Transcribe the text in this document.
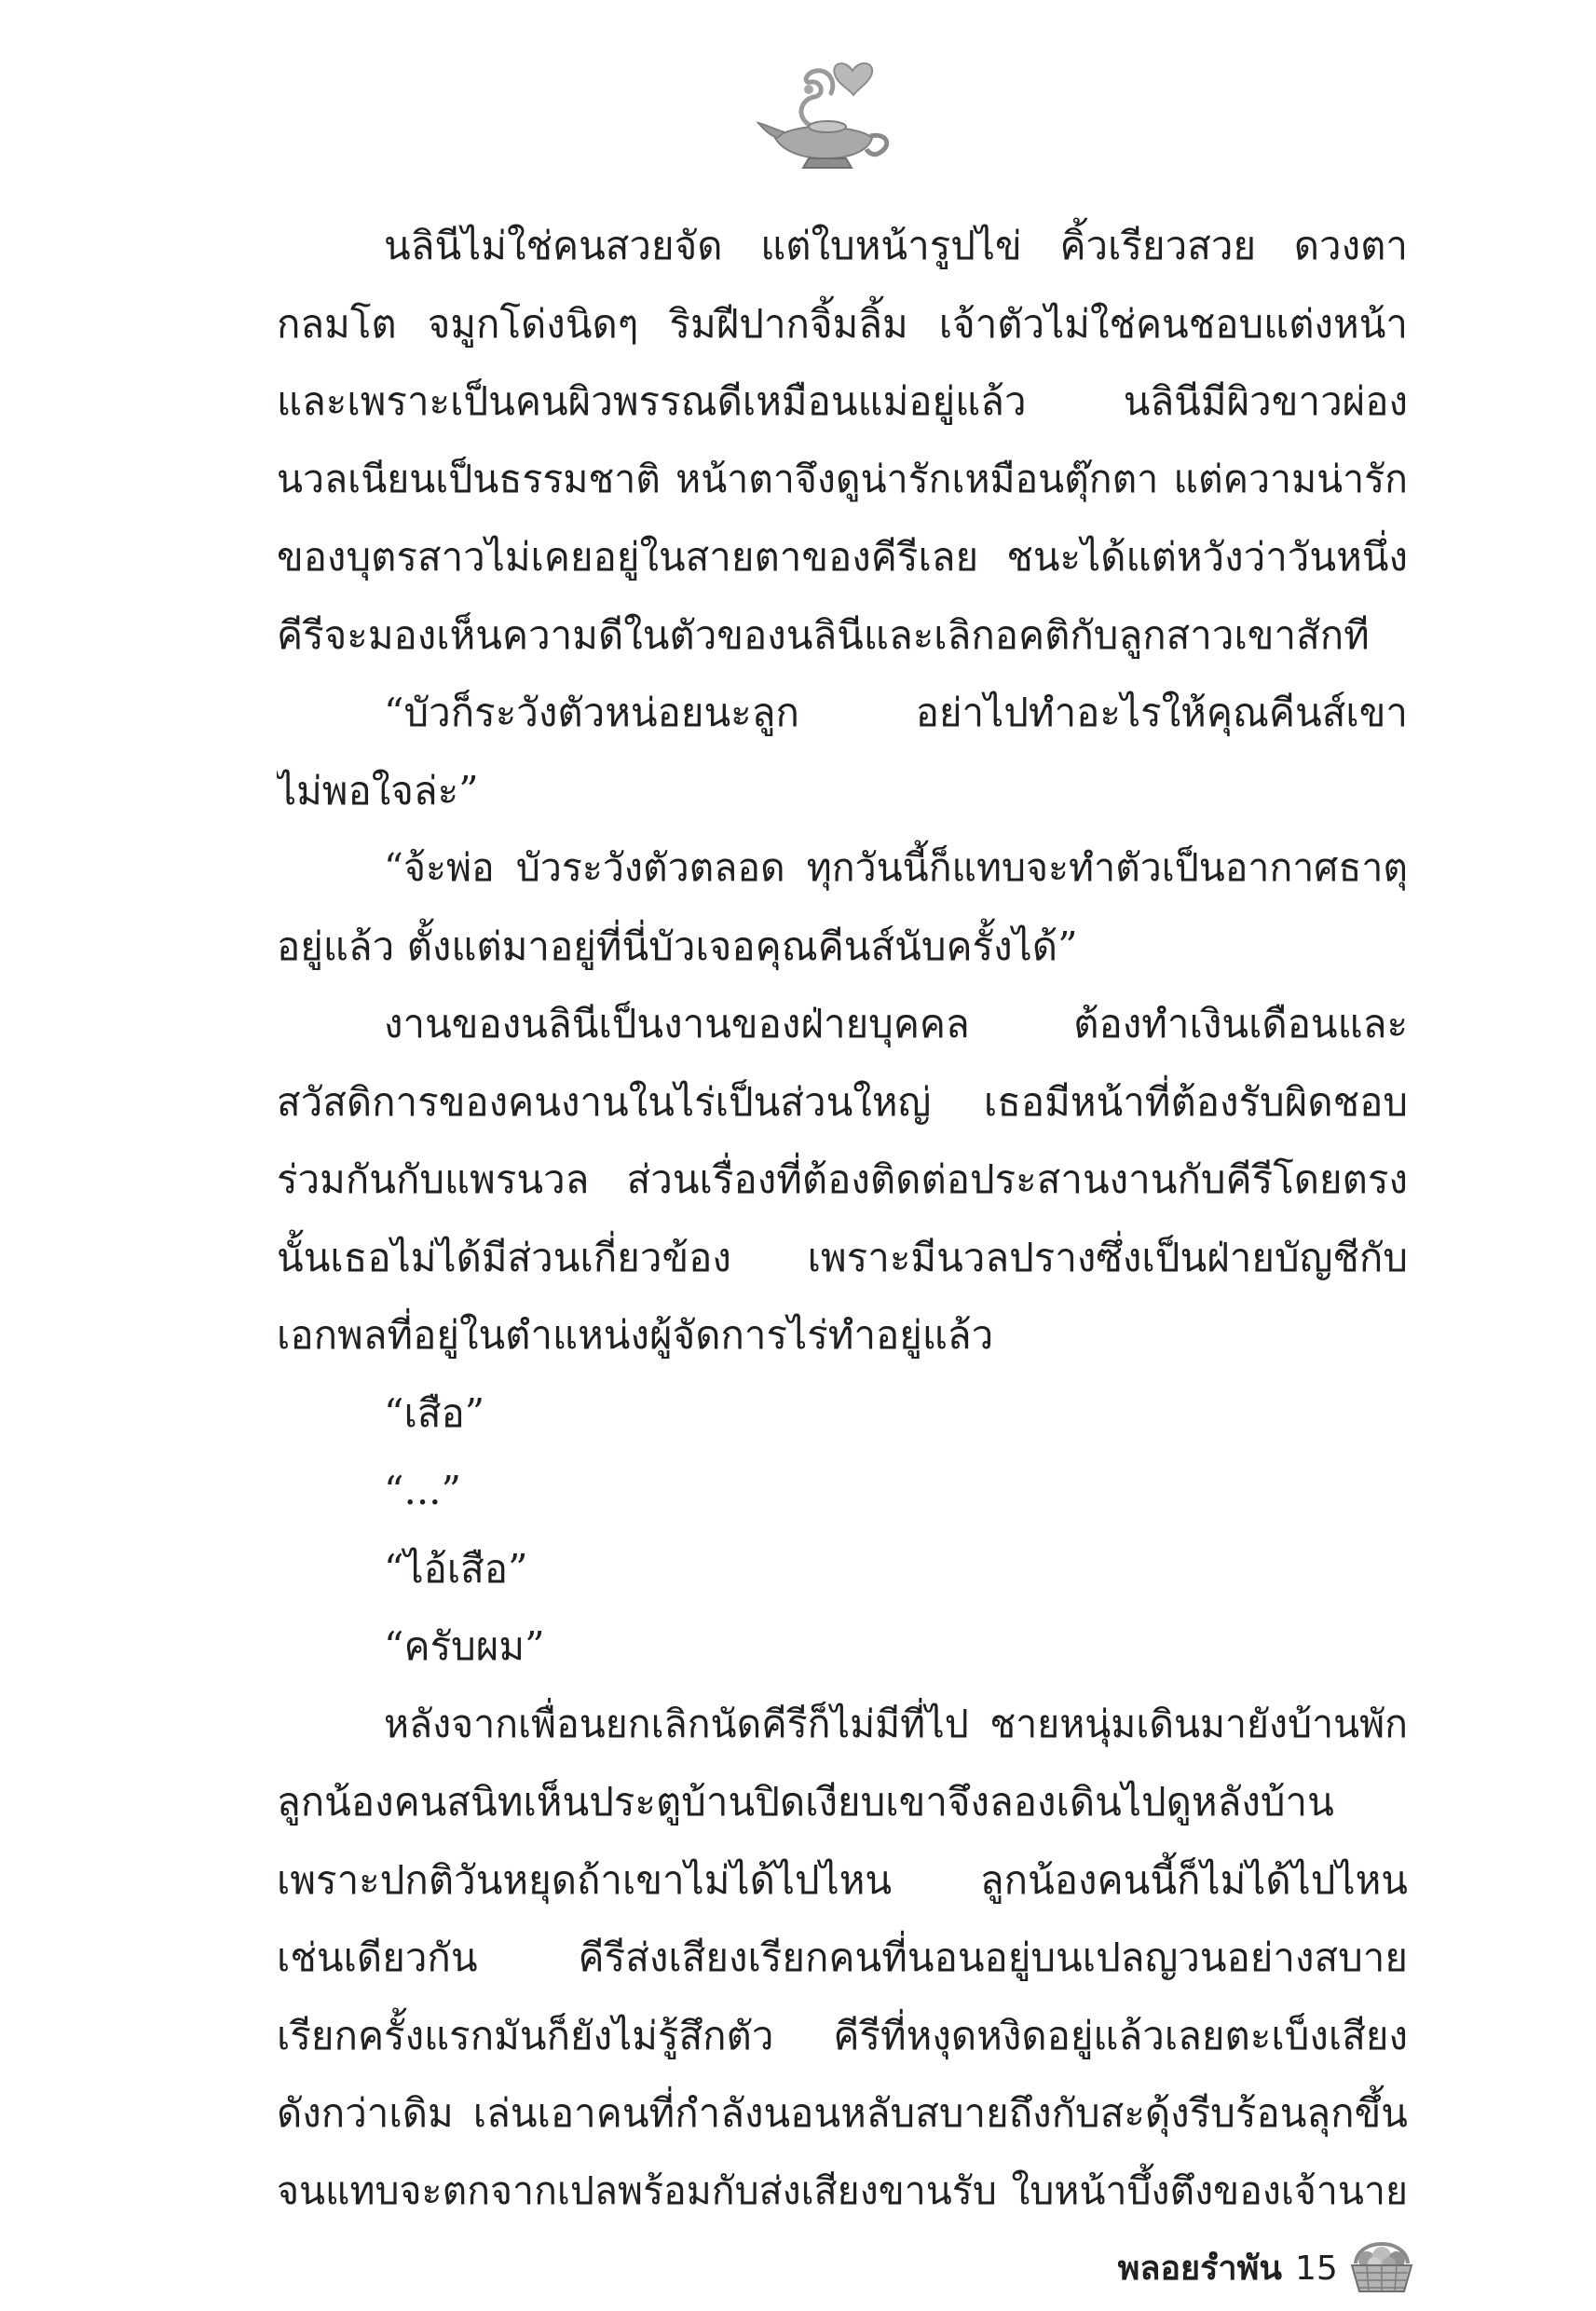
นลินีไม่ใช่คนสวยจัด แต่ใบหน้ารูปไข่ คิ้วเรียวสวย ดวงตา
กลมโต จมูกโด่งนิดๆ ริมฝีปากจิ้มลิ้ม เจ้าตัวไม่ใช่คนชอบแต่งหน้า
และเพราะเป็นคนผิวพรรณดีเหมือนแม่อยู่แล้ว นลินีมีผิวขาวผ่อง
นวลเนียนเป็นธรรมชาติ หน้าตาจึงดูน่ารักเหมือนตุ๊กตา แต่ความน่ารัก
ของบุตรสาวไม่เคยอยู่ในสายตาของคีรีเลย ชนะได้แต่หวังว่าวันหนึ่ง
คีรีจะมองเห็นความดีในตัวของนลินีและเลิกอคติกับลูกสาวเขาสักที
“บัวก็ระวังตัวหน่อยนะลูก อย่าไปทำอะไรให้คุณคีนส์เขา
ไม่พอใจล่ะ”
“จ้ะพ่อ บัวระวังตัวตลอด ทุกวันนี้ก็แทบจะทำตัวเป็นอากาศธาตุ
อยู่แล้ว ตั้งแต่มาอยู่ที่นี่บัวเจอคุณคีนส์นับครั้งได้”
งานของนลินีเป็นงานของฝ่ายบุคคล ต้องทำเงินเดือนและ
สวัสดิการของคนงานในไร่เป็นส่วนใหญ่ เธอมีหน้าที่ต้องรับผิดชอบ
ร่วมกันกับแพรนวล ส่วนเรื่องที่ต้องติดต่อประสานงานกับคีรีโดยตรง
นั้นเธอไม่ได้มีส่วนเกี่ยวข้อง เพราะมีนวลปรางซึ่งเป็นฝ่ายบัญชีกับ
เอกพลที่อยู่ในตำแหน่งผู้จัดการไร่ทำอยู่แล้ว
“เสือ”
“...”
“ไอ้เสือ”
“ครับผม”
หลังจากเพื่อนยกเลิกนัดคีรีก็ไม่มีที่ไป ชายหนุ่มเดินมายังบ้านพัก
ลูกน้องคนสนิทเห็นประตูบ้านปิดเงียบเขาจึงลองเดินไปดูหลังบ้าน
เพราะปกติวันหยุดถ้าเขาไม่ได้ไปไหน ลูกน้องคนนี้ก็ไม่ได้ไปไหน
เช่นเดียวกัน คีรีส่งเสียงเรียกคนที่นอนอยู่บนเปลญวนอย่างสบาย
เรียกครั้งแรกมันก็ยังไม่รู้สึกตัว คีรีที่หงุดหงิดอยู่แล้วเลยตะเบ็งเสียง
ดังกว่าเดิม เล่นเอาคนที่กำลังนอนหลับสบายถึงกับสะดุ้งรีบร้อนลุกขึ้น
จนแทบจะตกจากเปลพร้อมกับส่งเสียงขานรับ ใบหน้าบึ้งตึงของเจ้านาย
พลอยรำพัน 15
